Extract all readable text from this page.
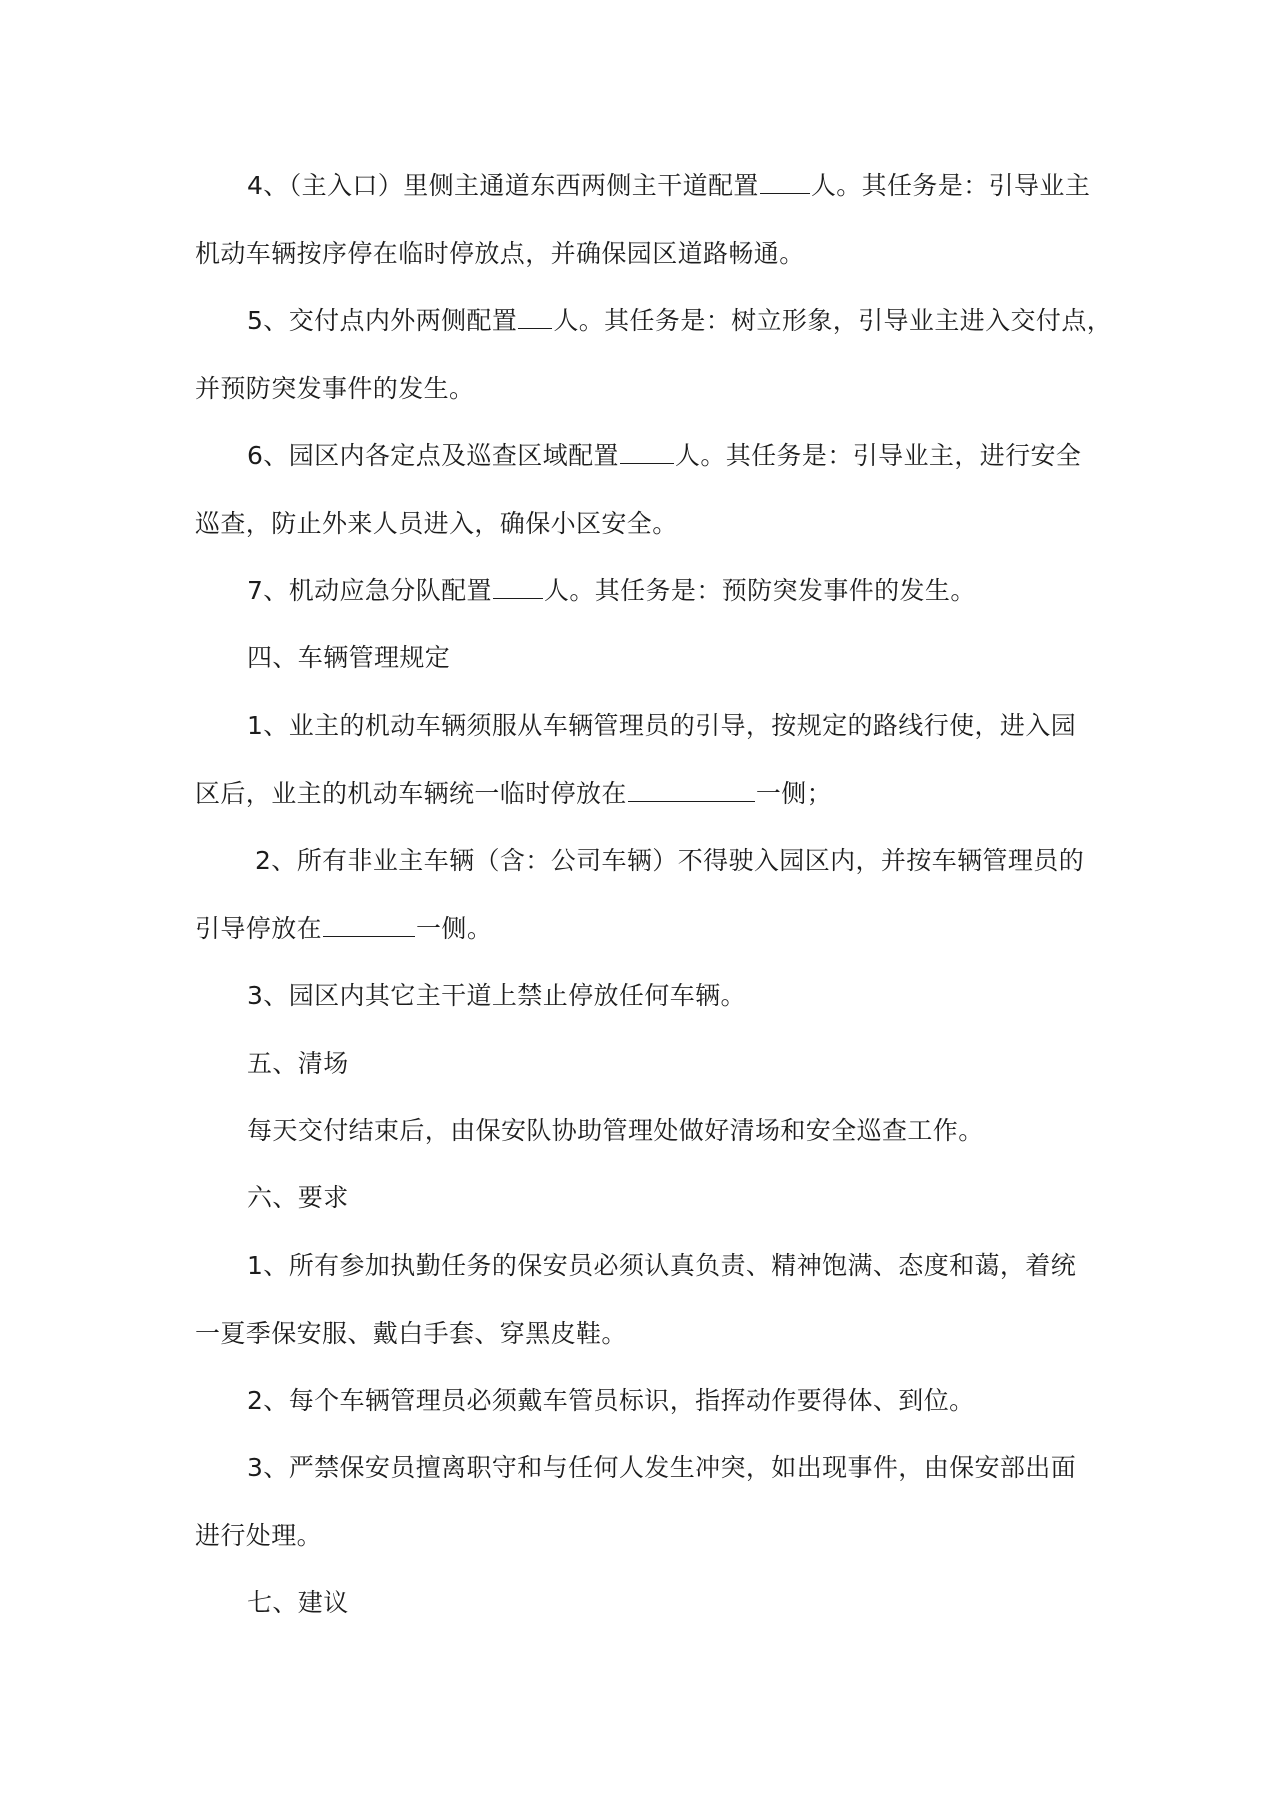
4、（主入口）里侧主通道东西两侧主干道配置 人。其任务是：引导业主
机动车辆按序停在临时停放点，并确保园区道路畅通。
5、交付点内外两侧配置 人。其任务是：树立形象，引导业主进入交付点，
并预防突发事件的发生。
6、园区内各定点及巡查区域配置 人。其任务是：引导业主，进行安全
巡查，防止外来人员进入，确保小区安全。
7、机动应急分队配置 人。其任务是：预防突发事件的发生。
四、车辆管理规定
1、业主的机动车辆须服从车辆管理员的引导，按规定的路线行使，进入园
区后，业主的机动车辆统一临时停放在	一侧；
2、所有非业主车辆（含：公司车辆）不得驶入园区内，并按车辆管理员的
引导停放在	一侧。
3、园区内其它主干道上禁止停放任何车辆。
五、清场
每天交付结束后，由保安队协助管理处做好清场和安全巡查工作。
六、要求
1、所有参加执勤任务的保安员必须认真负责、精神饱满、态度和蔼，着统
一夏季保安服、戴白手套、穿黑皮鞋。
2、每个车辆管理员必须戴车管员标识，指挥动作要得体、到位。
3、严禁保安员擅离职守和与任何人发生冲突，如出现事件，由保安部出面
进行处理。
七、建议
